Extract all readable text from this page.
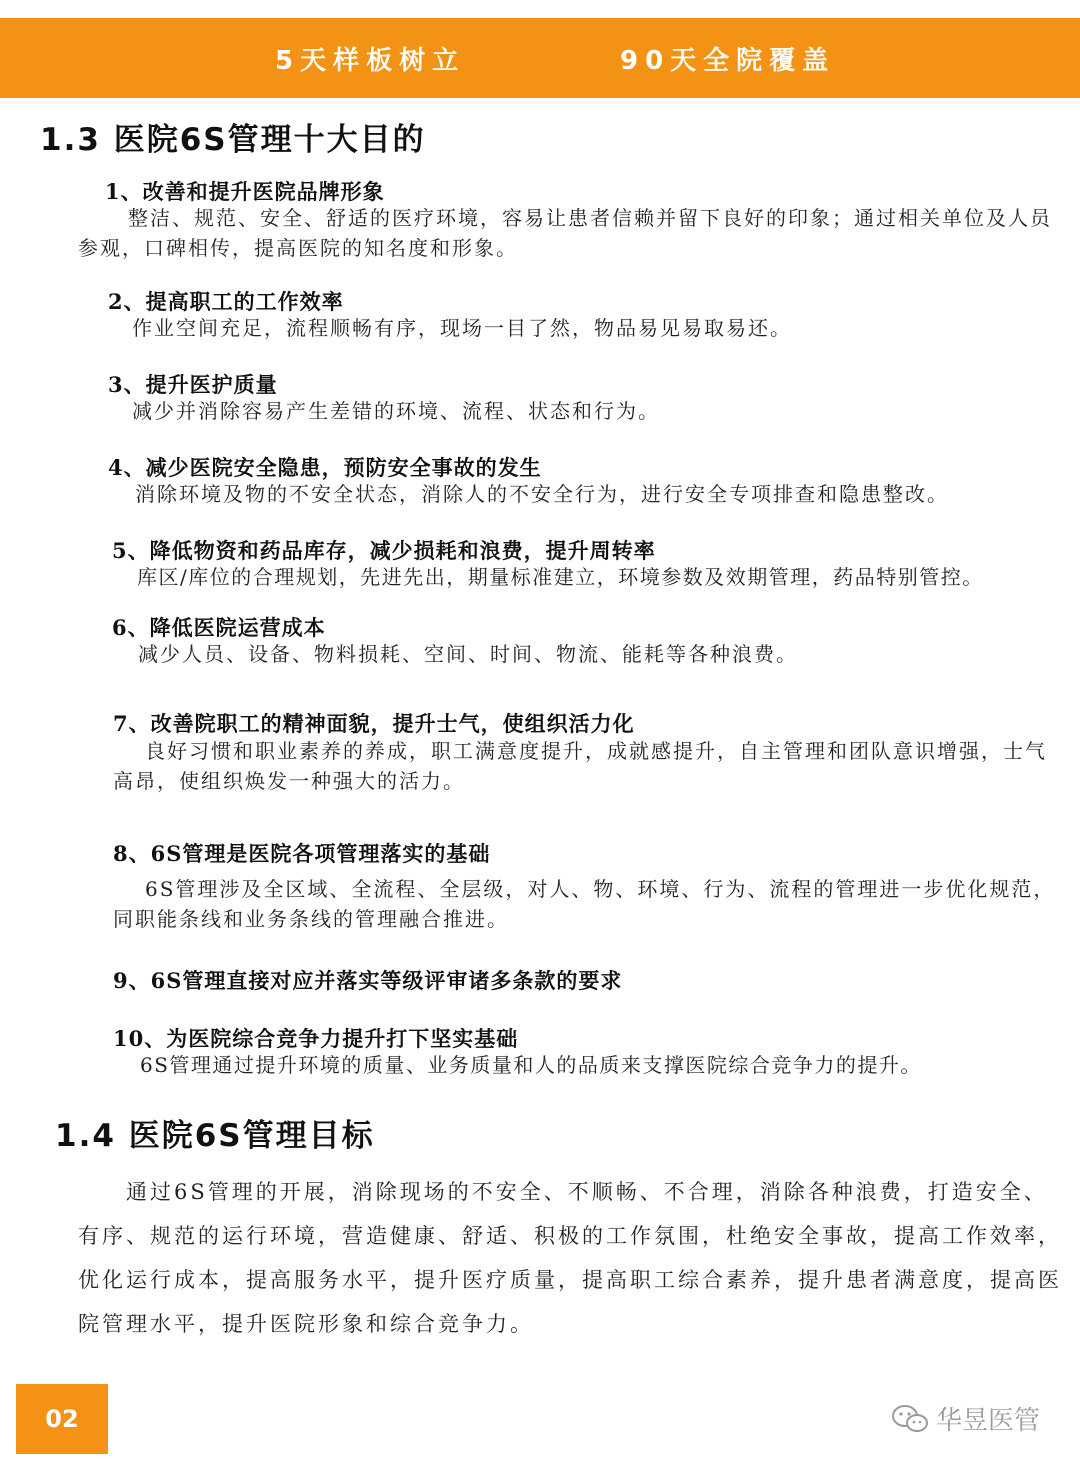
5天样板树立	90天全院覆盖
1.3 医院6S管理十大目的
1、改善和提升医院品牌形象
整洁、规范、安全、舒适的医疗环境，容易让患者信赖并留下良好的印象；通过相关单位及人员参观，口碑相传，提高医院的知名度和形象。
2、提高职工的工作效率
作业空间充足，流程顺畅有序，现场一目了然，物品易见易取易还。
3、提升医护质量
减少并消除容易产生差错的环境、流程、状态和行为。
4、减少医院安全隐患，预防安全事故的发生
消除环境及物的不安全状态，消除人的不安全行为，进行安全专项排查和隐患整改。
5、降低物资和药品库存，减少损耗和浪费，提升周转率
库区/库位的合理规划，先进先出，期量标准建立，环境参数及效期管理，药品特别管控。
6、降低医院运营成本
减少人员、设备、物料损耗、空间、时间、物流、能耗等各种浪费。
7、改善院职工的精神面貌，提升士气，使组织活力化
良好习惯和职业素养的养成，职工满意度提升，成就感提升，自主管理和团队意识增强，士气高昂，使组织焕发一种强大的活力。
8、6S管理是医院各项管理落实的基础
6S管理涉及全区域、全流程、全层级，对人、物、环境、行为、流程的管理进一步优化规范，同职能条线和业务条线的管理融合推进。
9、6S管理直接对应并落实等级评审诸多条款的要求
10、为医院综合竞争力提升打下坚实基础
6S管理通过提升环境的质量、业务质量和人的品质来支撑医院综合竞争力的提升。
1.4 医院6S管理目标
通过6S管理的开展，消除现场的不安全、不顺畅、不合理，消除各种浪费，打造安全、有序、规范的运行环境，营造健康、舒适、积极的工作氛围，杜绝安全事故，提高工作效率，优化运行成本，提高服务水平，提升医疗质量，提高职工综合素养，提升患者满意度，提高医院管理水平，提升医院形象和综合竞争力。
02	华昱医管
